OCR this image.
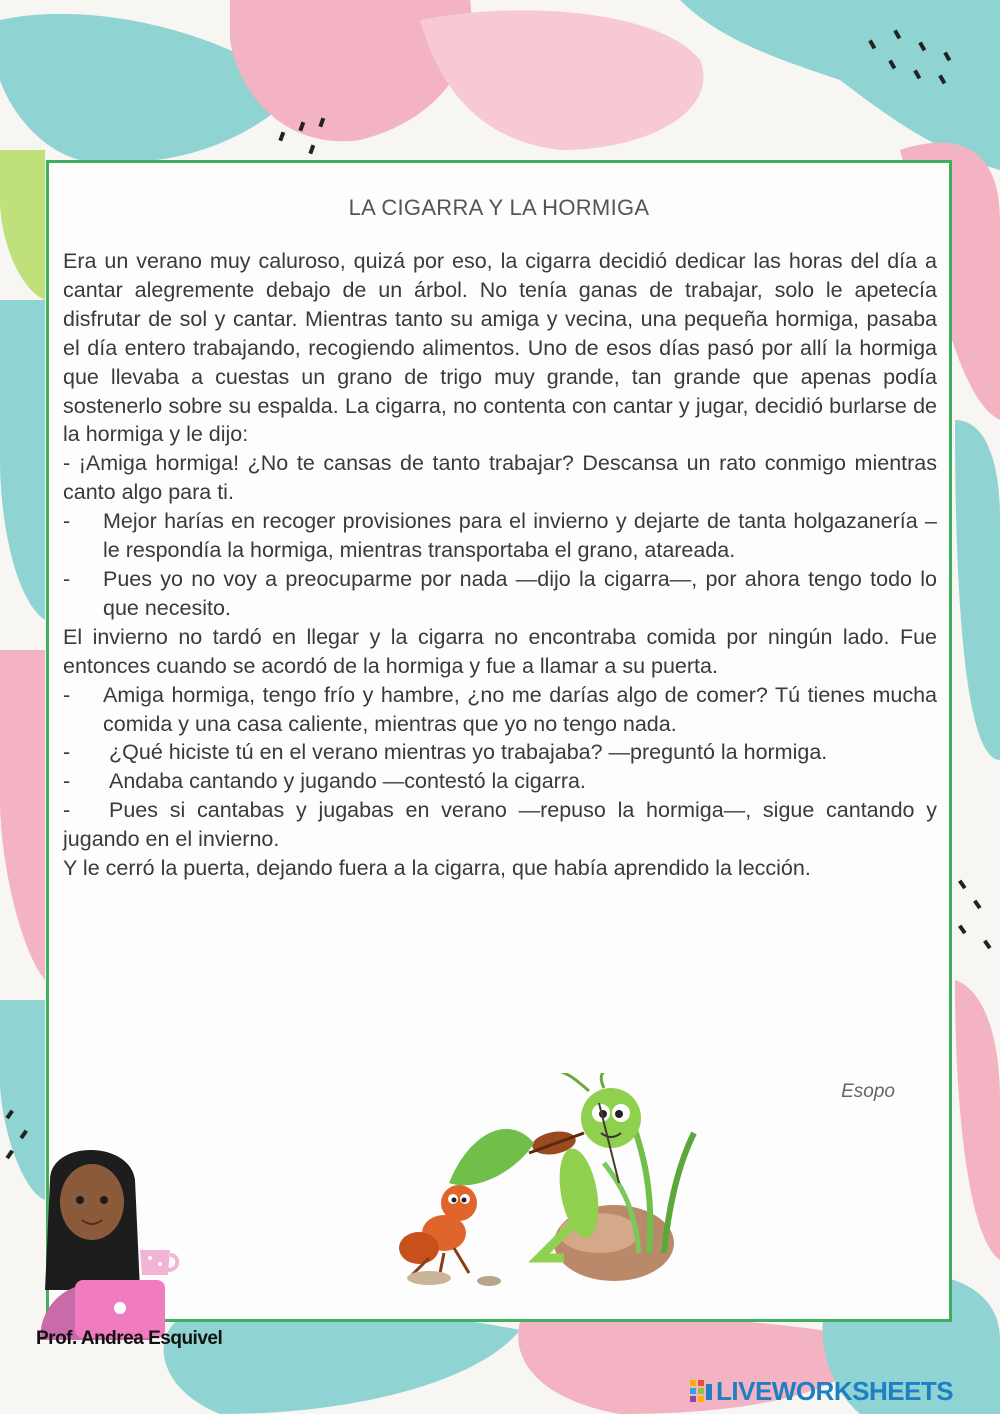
LA CIGARRA Y LA HORMIGA

Era un verano muy caluroso, quizá por eso, la cigarra decidió dedicar las horas del día a cantar alegremente debajo de un árbol. No tenía ganas de trabajar, solo le apetecía disfrutar de sol y cantar. Mientras tanto su amiga y vecina, una pequeña hormiga, pasaba el día entero trabajando, recogiendo alimentos. Uno de esos días pasó por allí la hormiga que llevaba a cuestas un grano de trigo muy grande, tan grande que apenas podía sostenerlo sobre su espalda. La cigarra, no contenta con cantar y jugar, decidió burlarse de la hormiga y le dijo:

- ¡Amiga hormiga! ¿No te cansas de tanto trabajar? Descansa un rato conmigo mientras canto algo para ti.

- Mejor harías en recoger provisiones para el invierno y dejarte de tanta holgazanería – le respondía la hormiga, mientras transportaba el grano, atareada.

- Pues yo no voy a preocuparme por nada —dijo la cigarra—, por ahora tengo todo lo que necesito.

El invierno no tardó en llegar y la cigarra no encontraba comida por ningún lado. Fue entonces cuando se acordó de la hormiga y fue a llamar a su puerta.

- Amiga hormiga, tengo frío y hambre, ¿no me darías algo de comer? Tú tienes mucha comida y una casa caliente, mientras que yo no tengo nada.

- ¿Qué hiciste tú en el verano mientras yo trabajaba? —preguntó la hormiga.

- Andaba cantando y jugando —contestó la cigarra.

- Pues si cantabas y jugabas en verano —repuso la hormiga—, sigue cantando y jugando en el invierno.

Y le cerró la puerta, dejando fuera a la cigarra, que había aprendido la lección.

Esopo
Prof. Andrea Esquivel
LIVEWORKSHEETS
